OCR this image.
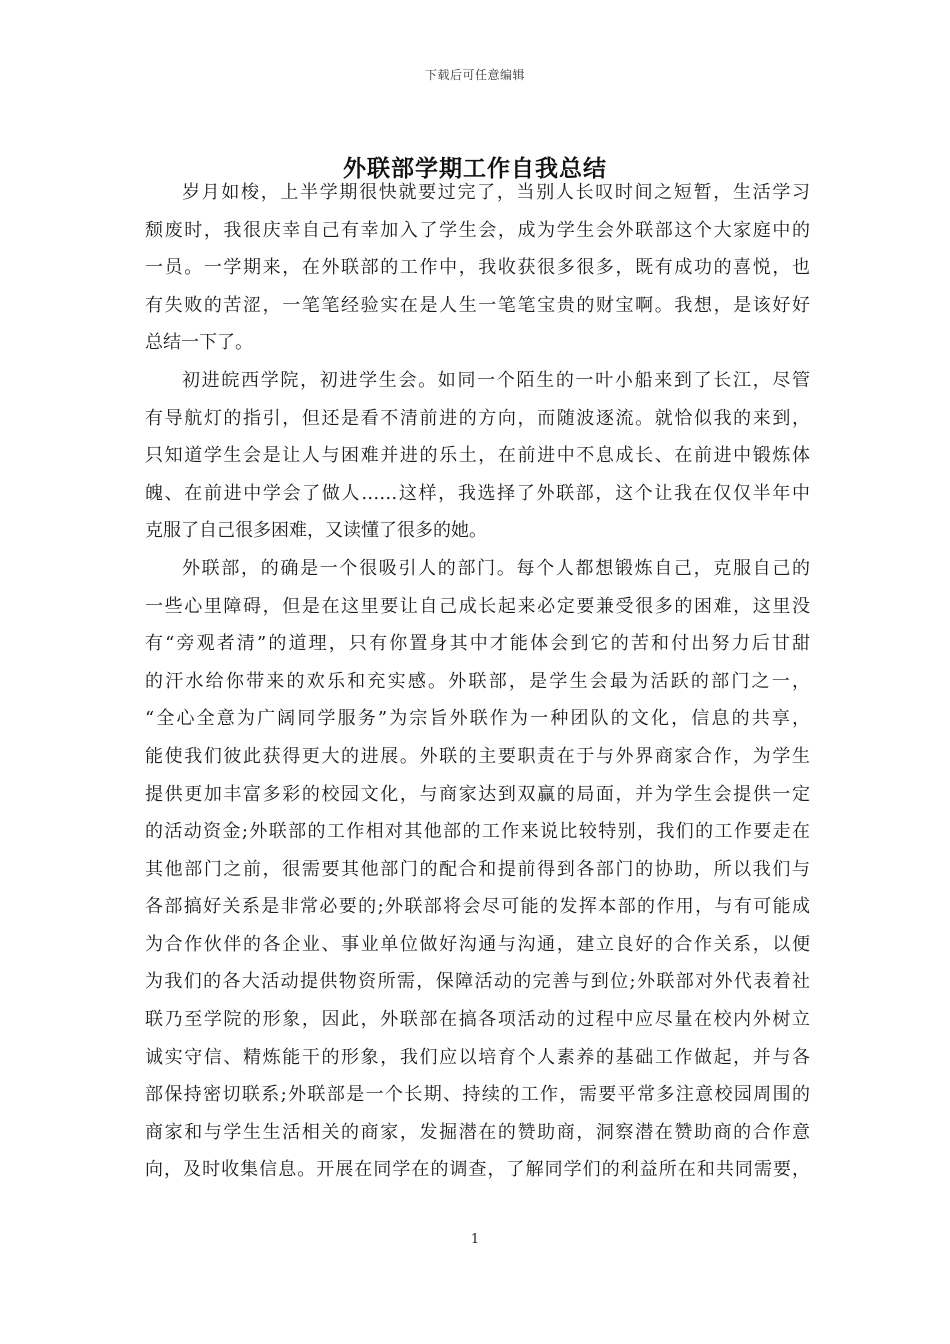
下载后可任意编辑
外联部学期工作自我总结
岁月如梭，上半学期很快就要过完了，当别人长叹时间之短暂，生活学习
颓废时，我很庆幸自己有幸加入了学生会，成为学生会外联部这个大家庭中的
一员。一学期来，在外联部的工作中，我收获很多很多，既有成功的喜悦，也
有失败的苦涩，一笔笔经验实在是人生一笔笔宝贵的财宝啊。我想，是该好好
总结一下了。
初进皖西学院，初进学生会。如同一个陌生的一叶小船来到了长江，尽管
有导航灯的指引，但还是看不清前进的方向，而随波逐流。就恰似我的来到，
只知道学生会是让人与困难并进的乐土，在前进中不息成长、在前进中锻炼体
魄、在前进中学会了做人……这样，我选择了外联部，这个让我在仅仅半年中
克服了自己很多困难，又读懂了很多的她。
外联部，的确是一个很吸引人的部门。每个人都想锻炼自己，克服自己的
一些心里障碍，但是在这里要让自己成长起来必定要兼受很多的困难，这里没
有“旁观者清”的道理，只有你置身其中才能体会到它的苦和付出努力后甘甜
的汗水给你带来的欢乐和充实感。外联部，是学生会最为活跃的部门之一，
“全心全意为广阔同学服务”为宗旨外联作为一种团队的文化，信息的共享，
能使我们彼此获得更大的进展。外联的主要职责在于与外界商家合作，为学生
提供更加丰富多彩的校园文化，与商家达到双赢的局面，并为学生会提供一定
的活动资金;外联部的工作相对其他部的工作来说比较特别，我们的工作要走在
其他部门之前，很需要其他部门的配合和提前得到各部门的协助，所以我们与
各部搞好关系是非常必要的;外联部将会尽可能的发挥本部的作用，与有可能成
为合作伙伴的各企业、事业单位做好沟通与沟通，建立良好的合作关系，以便
为我们的各大活动提供物资所需，保障活动的完善与到位;外联部对外代表着社
联乃至学院的形象，因此，外联部在搞各项活动的过程中应尽量在校内外树立
诚实守信、精炼能干的形象，我们应以培育个人素养的基础工作做起，并与各
部保持密切联系;外联部是一个长期、持续的工作，需要平常多注意校园周围的
商家和与学生生活相关的商家，发掘潜在的赞助商，洞察潜在赞助商的合作意
向，及时收集信息。开展在同学在的调查，了解同学们的利益所在和共同需要，
1
